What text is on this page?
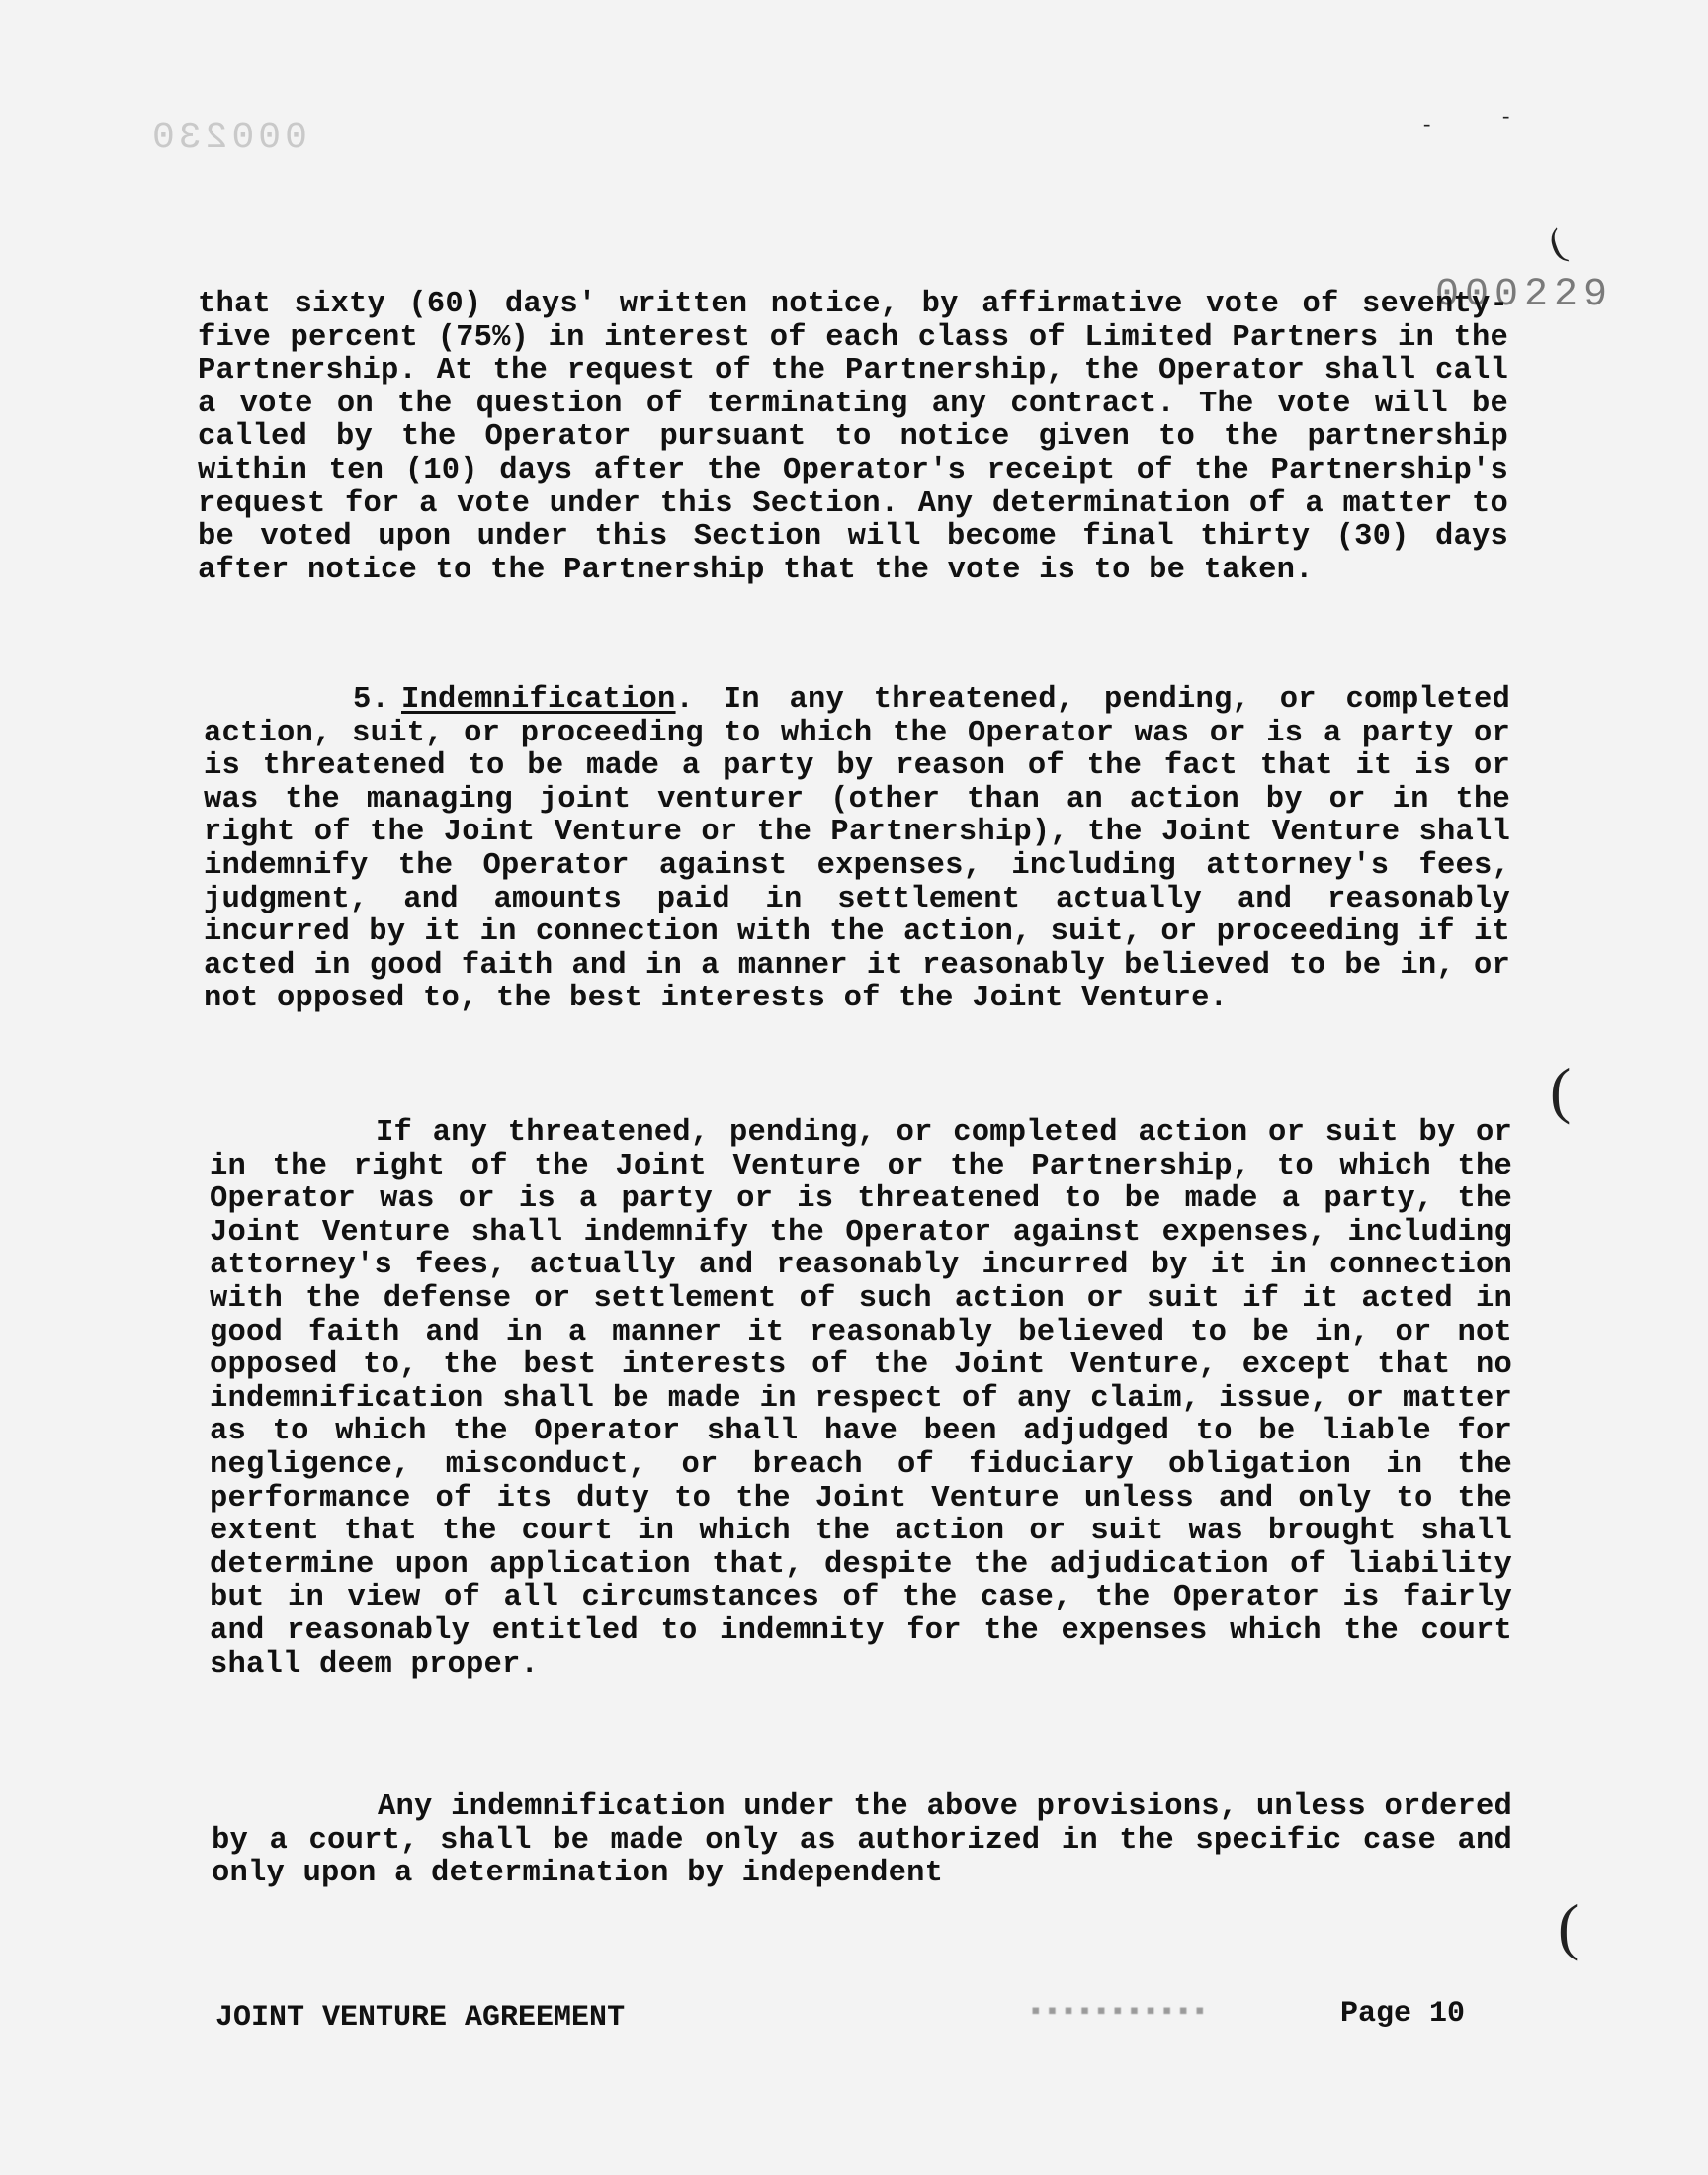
000230
000229
-	-
(
(
(

that sixty (60) days' written notice, by affirmative vote of seventy-five percent (75%) in interest of each class of Limited Partners in the Partnership. At the request of the Partnership, the Operator shall call a vote on the question of terminating any contract. The vote will be called by the Operator pursuant to notice given to the partnership within ten (10) days after the Operator's receipt of the Partnership's request for a vote under this Section. Any determination of a matter to be voted upon under this Section will become final thirty (30) days after notice to the Partnership that the vote is to be taken.

5. Indemnification. In any threatened, pending, or completed action, suit, or proceeding to which the Operator was or is a party or is threatened to be made a party by reason of the fact that it is or was the managing joint venturer (other than an action by or in the right of the Joint Venture or the Partnership), the Joint Venture shall indemnify the Operator against expenses, including attorney's fees, judgment, and amounts paid in settlement actually and reasonably incurred by it in connection with the action, suit, or proceeding if it acted in good faith and in a manner it reasonably believed to be in, or not opposed to, the best interests of the Joint Venture.

If any threatened, pending, or completed action or suit by or in the right of the Joint Venture or the Partnership, to which the Operator was or is a party or is threatened to be made a party, the Joint Venture shall indemnify the Operator against expenses, including attorney's fees, actually and reasonably incurred by it in connection with the defense or settlement of such action or suit if it acted in good faith and in a manner it reasonably believed to be in, or not opposed to, the best interests of the Joint Venture, except that no indemnification shall be made in respect of any claim, issue, or matter as to which the Operator shall have been adjudged to be liable for negligence, misconduct, or breach of fiduciary obligation in the performance of its duty to the Joint Venture unless and only to the extent that the court in which the action or suit was brought shall determine upon application that, despite the adjudication of liability but in view of all circumstances of the case, the Operator is fairly and reasonably entitled to indemnity for the expenses which the court shall deem proper.

Any indemnification under the above provisions, unless ordered by a court, shall be made only as authorized in the specific case and only upon a determination by independent

JOINT VENTURE AGREEMENT	▪▪▪▪▪▪▪▪▪▪▪	Page 10
